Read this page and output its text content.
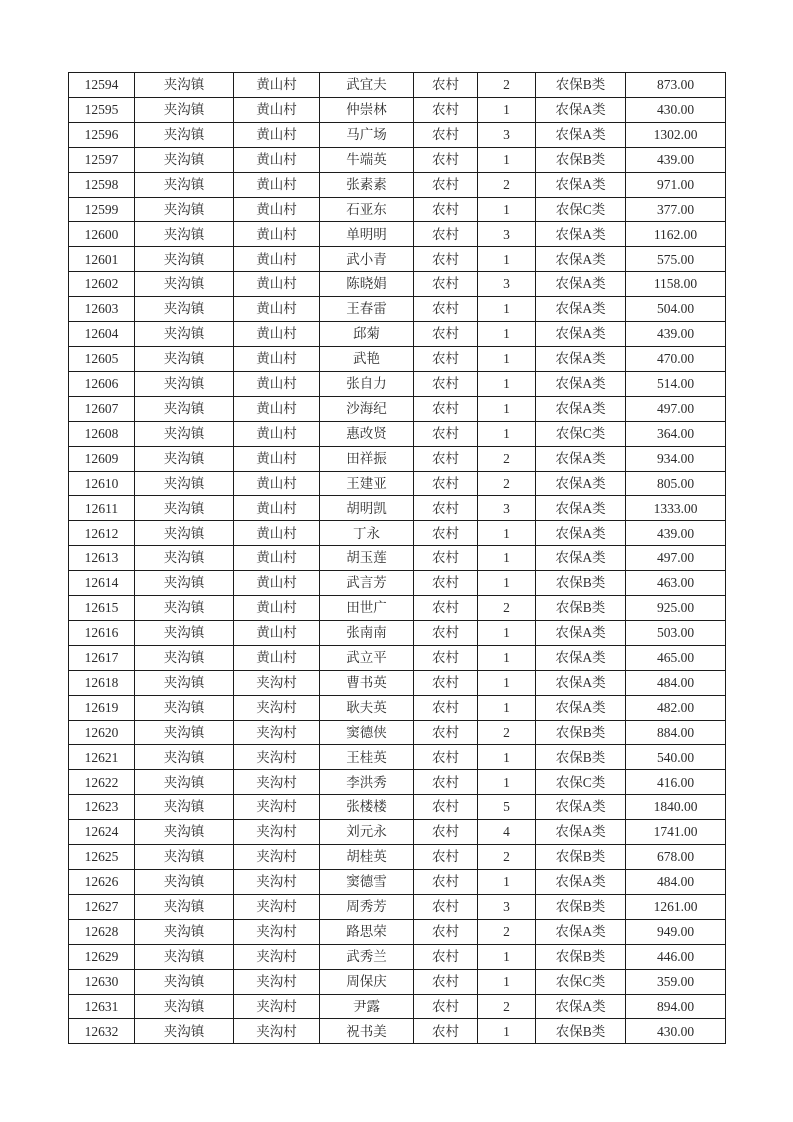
12594	夹沟镇	黄山村	武宜夫	农村	2	农保B类	873.00
12595	夹沟镇	黄山村	仲崇林	农村	1	农保A类	430.00
12596	夹沟镇	黄山村	马广场	农村	3	农保A类	1302.00
12597	夹沟镇	黄山村	牛端英	农村	1	农保B类	439.00
12598	夹沟镇	黄山村	张素素	农村	2	农保A类	971.00
12599	夹沟镇	黄山村	石亚东	农村	1	农保C类	377.00
12600	夹沟镇	黄山村	单明明	农村	3	农保A类	1162.00
12601	夹沟镇	黄山村	武小青	农村	1	农保A类	575.00
12602	夹沟镇	黄山村	陈晓娟	农村	3	农保A类	1158.00
12603	夹沟镇	黄山村	王春雷	农村	1	农保A类	504.00
12604	夹沟镇	黄山村	邱菊	农村	1	农保A类	439.00
12605	夹沟镇	黄山村	武艳	农村	1	农保A类	470.00
12606	夹沟镇	黄山村	张自力	农村	1	农保A类	514.00
12607	夹沟镇	黄山村	沙海纪	农村	1	农保A类	497.00
12608	夹沟镇	黄山村	惠改贤	农村	1	农保C类	364.00
12609	夹沟镇	黄山村	田祥振	农村	2	农保A类	934.00
12610	夹沟镇	黄山村	王建亚	农村	2	农保A类	805.00
12611	夹沟镇	黄山村	胡明凯	农村	3	农保A类	1333.00
12612	夹沟镇	黄山村	丁永	农村	1	农保A类	439.00
12613	夹沟镇	黄山村	胡玉莲	农村	1	农保A类	497.00
12614	夹沟镇	黄山村	武言芳	农村	1	农保B类	463.00
12615	夹沟镇	黄山村	田世广	农村	2	农保B类	925.00
12616	夹沟镇	黄山村	张南南	农村	1	农保A类	503.00
12617	夹沟镇	黄山村	武立平	农村	1	农保A类	465.00
12618	夹沟镇	夹沟村	曹书英	农村	1	农保A类	484.00
12619	夹沟镇	夹沟村	耿夫英	农村	1	农保A类	482.00
12620	夹沟镇	夹沟村	窦德侠	农村	2	农保B类	884.00
12621	夹沟镇	夹沟村	王桂英	农村	1	农保B类	540.00
12622	夹沟镇	夹沟村	李洪秀	农村	1	农保C类	416.00
12623	夹沟镇	夹沟村	张楼楼	农村	5	农保A类	1840.00
12624	夹沟镇	夹沟村	刘元永	农村	4	农保A类	1741.00
12625	夹沟镇	夹沟村	胡桂英	农村	2	农保B类	678.00
12626	夹沟镇	夹沟村	窦德雪	农村	1	农保A类	484.00
12627	夹沟镇	夹沟村	周秀芳	农村	3	农保B类	1261.00
12628	夹沟镇	夹沟村	路思荣	农村	2	农保A类	949.00
12629	夹沟镇	夹沟村	武秀兰	农村	1	农保B类	446.00
12630	夹沟镇	夹沟村	周保庆	农村	1	农保C类	359.00
12631	夹沟镇	夹沟村	尹露	农村	2	农保A类	894.00
12632	夹沟镇	夹沟村	祝书美	农村	1	农保B类	430.00
